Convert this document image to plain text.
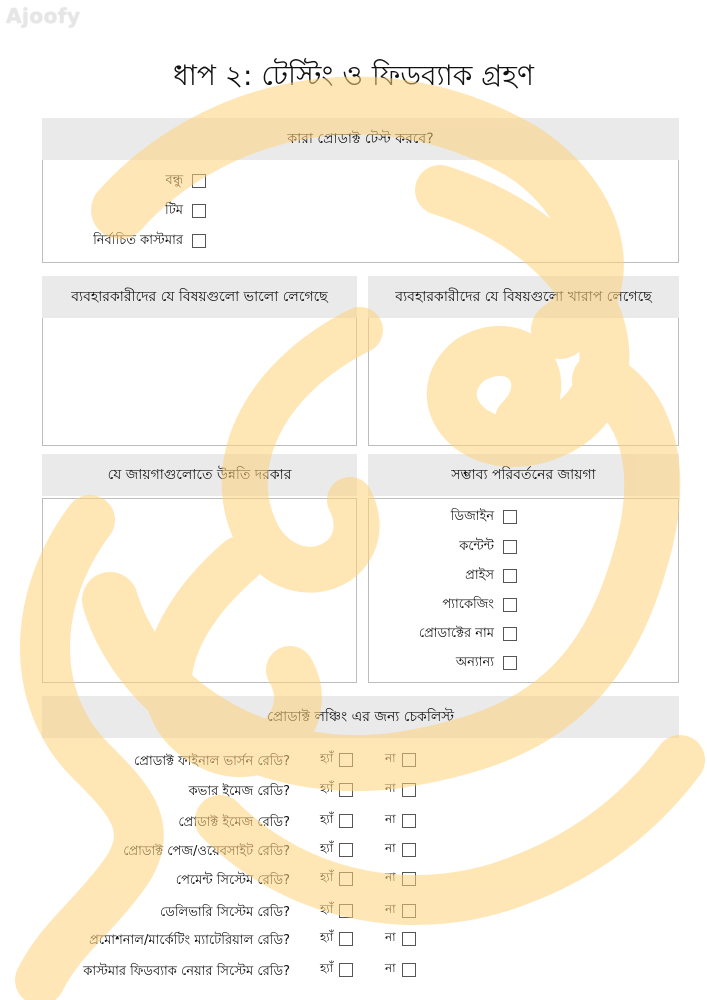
Ajoofy
ধাপ ২: টেস্টিং ও ফিডব্যাক গ্রহণ
কারা প্রোডাক্ট টেস্ট করবে?
বন্ধু
টিম
নির্বাচিত কাস্টমার
ব্যবহারকারীদের যে বিষয়গুলো ভালো লেগেছে	ব্যবহারকারীদের যে বিষয়গুলো খারাপ লেগেছে
যে জায়গাগুলোতে উন্নতি দরকার	সম্ভাব্য পরিবর্তনের জায়গা
ডিজাইন
কন্টেন্ট
প্রাইস
প্যাকেজিং
প্রোডাক্টের নাম
অন্যান্য
প্রোডাক্ট লঞ্চিং এর জন্য চেকলিস্ট
প্রোডাক্ট ফাইনাল ভার্সন রেডি?	হ্যাঁ	না
কভার ইমেজ রেডি?	হ্যাঁ	না
প্রোডাক্ট ইমেজ রেডি?	হ্যাঁ	না
প্রোডাক্ট পেজ/ওয়েবসাইট রেডি?	হ্যাঁ	না
পেমেন্ট সিস্টেম রেডি?	হ্যাঁ	না
ডেলিভারি সিস্টেম রেডি?	হ্যাঁ	না
প্রমোশনাল/মার্কেটিং ম্যাটেরিয়াল রেডি?	হ্যাঁ	না
কাস্টমার ফিডব্যাক নেয়ার সিস্টেম রেডি?	হ্যাঁ	না
